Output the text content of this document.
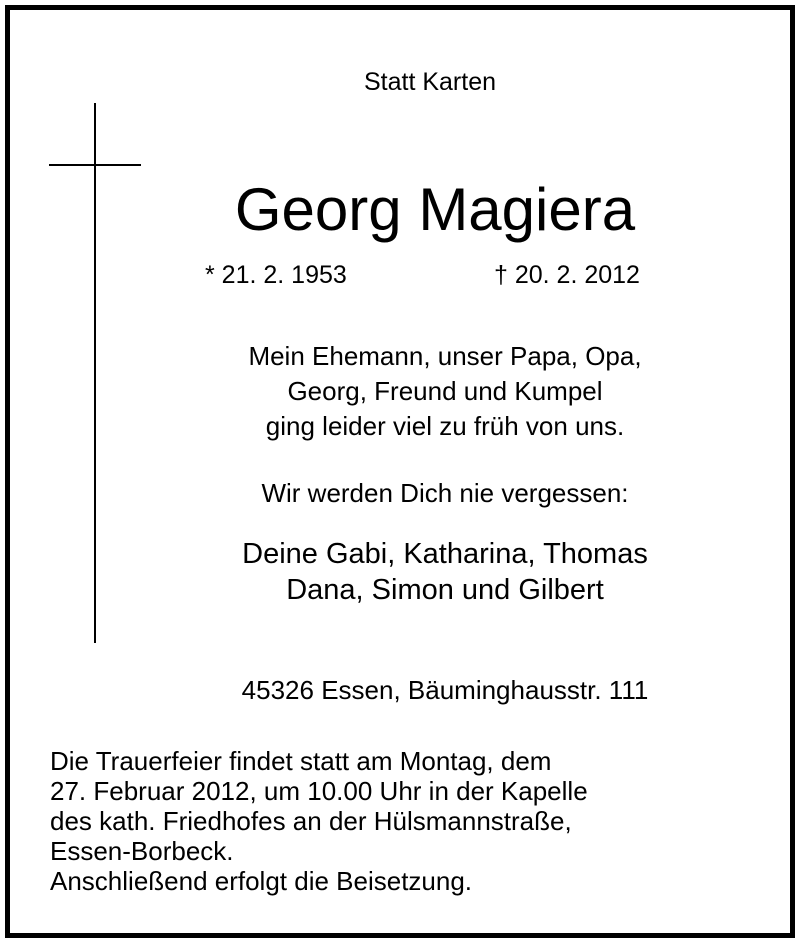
Statt Karten
Georg Magiera
* 21. 2. 1953	† 20. 2. 2012
Mein Ehemann, unser Papa, Opa,
Georg, Freund und Kumpel
ging leider viel zu früh von uns.
Wir werden Dich nie vergessen:
Deine Gabi, Katharina, Thomas
Dana, Simon und Gilbert
45326 Essen, Bäuminghausstr. 111
Die Trauerfeier findet statt am Montag, dem
27. Februar 2012, um 10.00 Uhr in der Kapelle
des kath. Friedhofes an der Hülsmannstraße,
Essen-Borbeck.
Anschließend erfolgt die Beisetzung.
